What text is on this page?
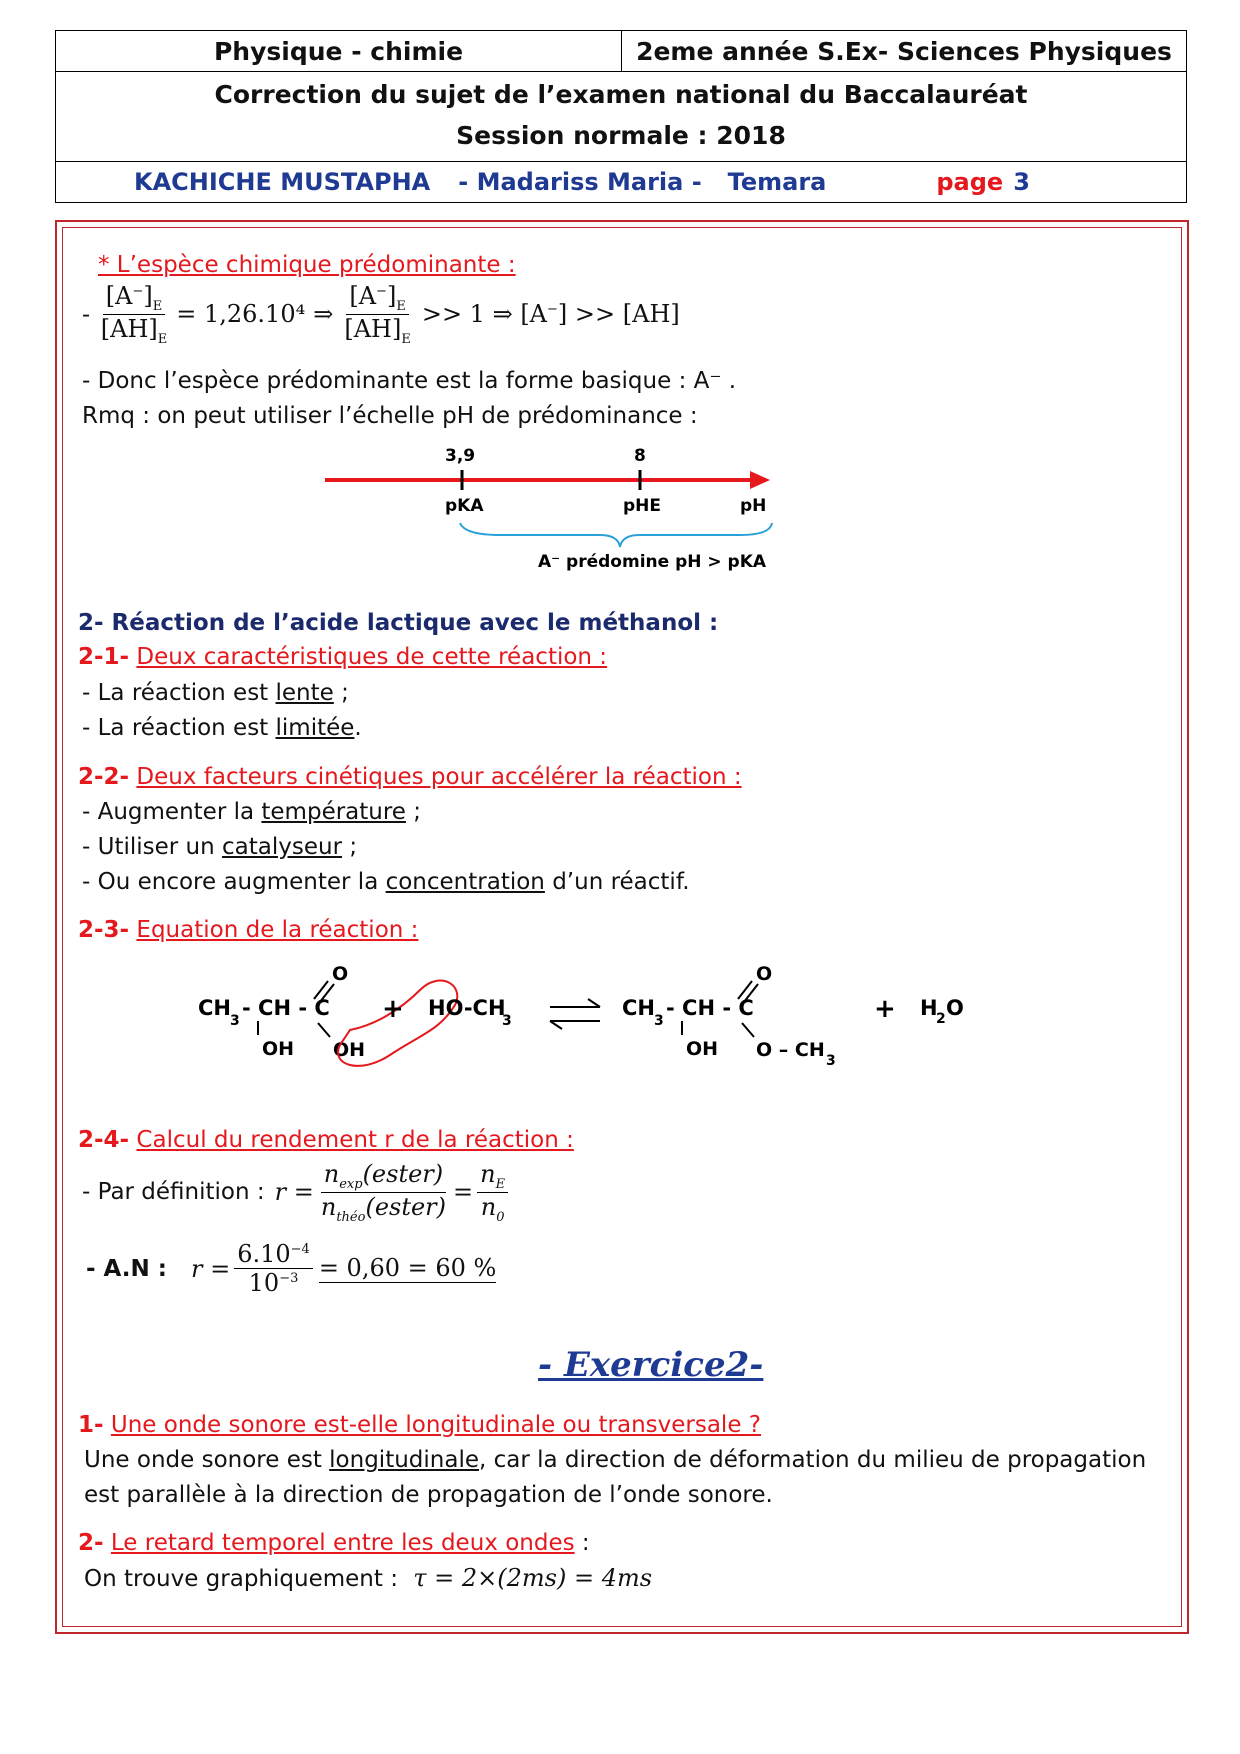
Physique - chimie	2eme année S.Ex- Sciences Physiques
Correction du sujet de l’examen national du Baccalauréat
Session normale : 2018
KACHICHE MUSTAPHA - Madariss Maria - Temara	page 3
* L’espèce chimique prédominante :
- $\frac{[A^-]_E}{[AH]_E} = 1,26.10^4$ ⇒ $\frac{[A^-]_E}{[AH]_E} >> 1$ ⇒ [A−] >> [AH]
- Donc l’espèce prédominante est la forme basique : A⁻ .
Rmq : on peut utiliser l’échelle pH de prédominance :
3,9	8
pKA	pHE	pH
A⁻ prédomine pH > pKA
2- Réaction de l’acide lactique avec le méthanol :
2-1- Deux caractéristiques de cette réaction :
- La réaction est lente ;
- La réaction est limitée.
2-2- Deux facteurs cinétiques pour accélérer la réaction :
- Augmenter la température ;
- Utiliser un catalyseur ;
- Ou encore augmenter la concentration d’un réactif.
2-3- Equation de la réaction :
CH
3
- CH - C
OH
O
OH
+ HO-CH
3
CH
3
- CH - C
OH
O
O – CH 3
+ H
2 O
2-4- Calcul du rendement r de la réaction :
- Par définition : $r = \frac{n_{exp}(ester)}{n_{théo}(ester)} = \frac{n_E}{n_0}$
- A.N : $r = \frac{6.10^{-4}}{10^{-3}} = 0,60 = 60$ %
- Exercice2-
1- Une onde sonore est-elle longitudinale ou transversale ?
Une onde sonore est longitudinale, car la direction de déformation du milieu de propagation
est parallèle à la direction de propagation de l’onde sonore.
2- Le retard temporel entre les deux ondes :
On trouve graphiquement : τ = 2×(2ms) = 4ms
